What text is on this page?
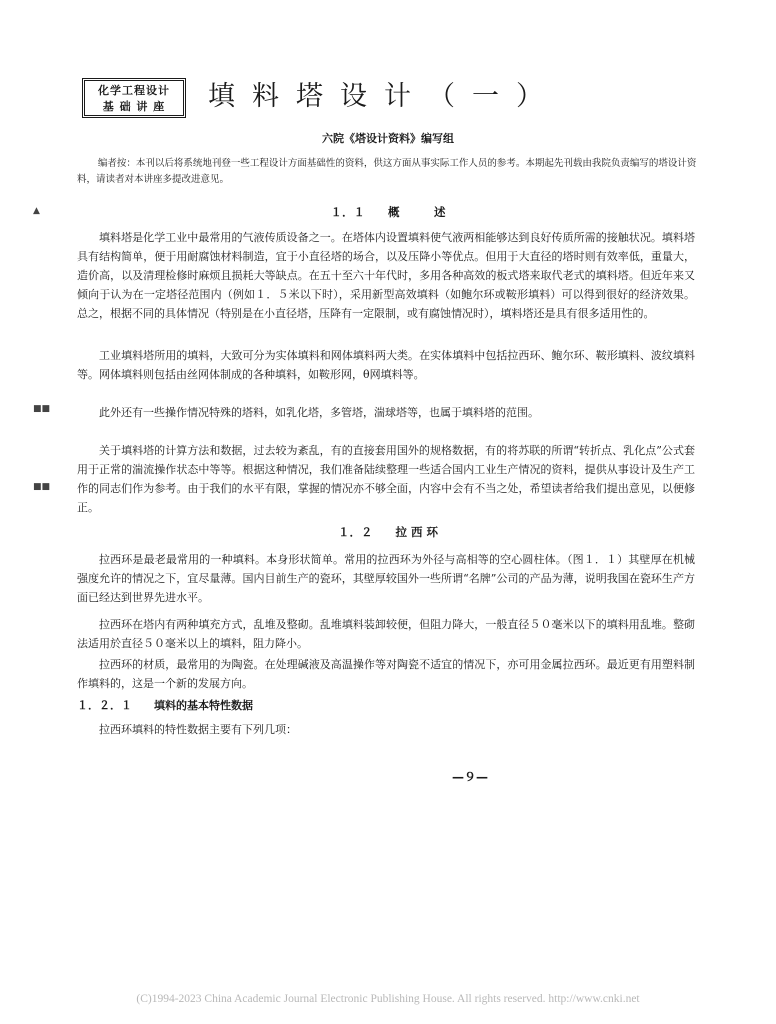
化学工程设计
基 础 讲 座	填料塔设计（一）
六院《塔设计资料》编写组
编者按：本刊以后将系统地刊登一些工程设计方面基础性的资料，供这方面从事实际工作人员的参考。本期起先刊载由我院负责编写的塔设计资料，请读者对本讲座多提改进意见。
１．１　　概　　　述
▲
■■
■■
填料塔是化学工业中最常用的气液传质设备之一。在塔体内设置填料使气液两相能够达到良好传质所需的接触状况。填料塔具有结构简单，便于用耐腐蚀材料制造，宜于小直径塔的场合，以及压降小等优点。但用于大直径的塔时则有效率低，重量大，造价高，以及清理检修时麻烦且损耗大等缺点。在五十至六十年代时，多用各种高效的板式塔来取代老式的填料塔。但近年来又倾向于认为在一定塔径范围内（例如１．５米以下时），采用新型高效填料（如鲍尔环或鞍形填料）可以得到很好的经济效果。总之，根据不同的具体情况（特别是在小直径塔，压降有一定限制，或有腐蚀情况时），填料塔还是具有很多适用性的。
工业填料塔所用的填料，大致可分为实体填料和网体填料两大类。在实体填料中包括拉西环、鲍尔环、鞍形填料、波纹填料等。网体填料则包括由丝网体制成的各种填料，如鞍形网，θ网填料等。
此外还有一些操作情况特殊的塔料，如乳化塔，多管塔，湍球塔等，也属于填料塔的范围。
关于填料塔的计算方法和数据，过去较为紊乱，有的直接套用国外的规格数据，有的将苏联的所谓“转折点、乳化点”公式套用于正常的湍流操作状态中等等。根据这种情况，我们准备陆续整理一些适合国内工业生产情况的资料，提供从事设计及生产工作的同志们作为参考。由于我们的水平有限，掌握的情况亦不够全面，内容中会有不当之处，希望读者给我们提出意见，以便修正。
１．２　　拉 西 环
拉西环是最老最常用的一种填料。本身形状简单。常用的拉西环为外径与高相等的空心圆柱体。（图１．１）其壁厚在机械强度允许的情况之下，宜尽量薄。国内目前生产的瓷环，其壁厚较国外一些所谓“名牌”公司的产品为薄，说明我国在瓷环生产方面已经达到世界先进水平。
拉西环在塔内有两种填充方式，乱堆及整砌。乱堆填料装卸较便，但阻力降大，一般直径５０毫米以下的填料用乱堆。整砌法适用於直径５０毫米以上的填料，阻力降小。
拉西环的材质，最常用的为陶瓷。在处理碱液及高温操作等对陶瓷不适宜的情况下，亦可用金属拉西环。最近更有用塑料制作填料的，这是一个新的发展方向。
１．２．１　　填料的基本特性数据
拉西环填料的特性数据主要有下列几项：
—９—
(C)1994-2023 China Academic Journal Electronic Publishing House. All rights reserved. http://www.cnki.net
